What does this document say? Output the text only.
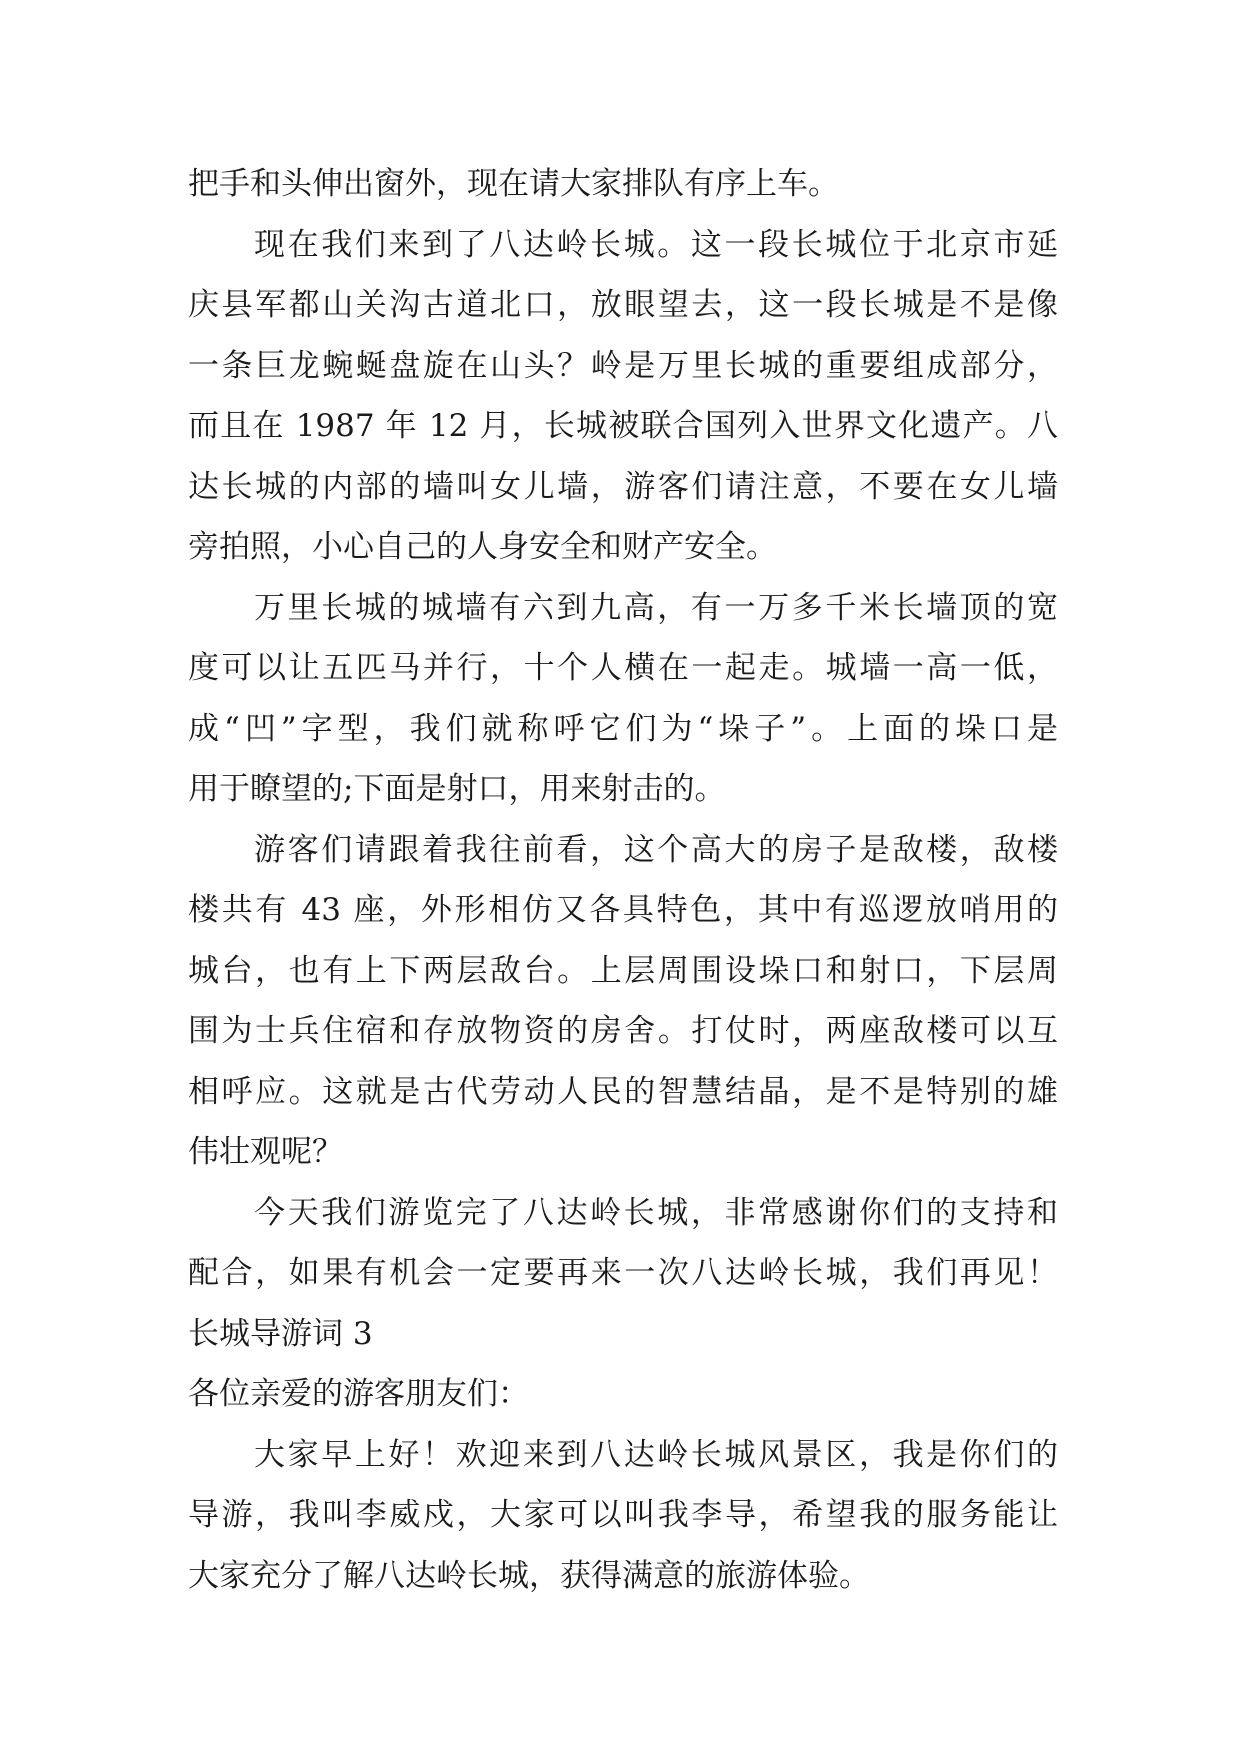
把手和头伸出窗外，现在请大家排队有序上车。
现在我们来到了八达岭长城。这一段长城位于北京市延
庆县军都山关沟古道北口，放眼望去，这一段长城是不是像
一条巨龙蜿蜒盘旋在山头？岭是万里长城的重要组成部分，
而且在 1987 年 12 月，长城被联合国列入世界文化遗产。八
达长城的内部的墙叫女儿墙，游客们请注意，不要在女儿墙
旁拍照，小心自己的人身安全和财产安全。
万里长城的城墙有六到九高，有一万多千米长墙顶的宽
度可以让五匹马并行，十个人横在一起走。城墙一高一低，
成“凹”字型，我们就称呼它们为“垛子”。上面的垛口是
用于瞭望的;下面是射口，用来射击的。
游客们请跟着我往前看，这个高大的房子是敌楼，敌楼
楼共有 43 座，外形相仿又各具特色，其中有巡逻放哨用的
城台，也有上下两层敌台。上层周围设垛口和射口，下层周
围为士兵住宿和存放物资的房舍。打仗时，两座敌楼可以互
相呼应。这就是古代劳动人民的智慧结晶，是不是特别的雄
伟壮观呢？
今天我们游览完了八达岭长城，非常感谢你们的支持和
配合，如果有机会一定要再来一次八达岭长城，我们再见！
长城导游词 3
各位亲爱的游客朋友们：
大家早上好！欢迎来到八达岭长城风景区，我是你们的
导游，我叫李威戍，大家可以叫我李导，希望我的服务能让
大家充分了解八达岭长城，获得满意的旅游体验。
